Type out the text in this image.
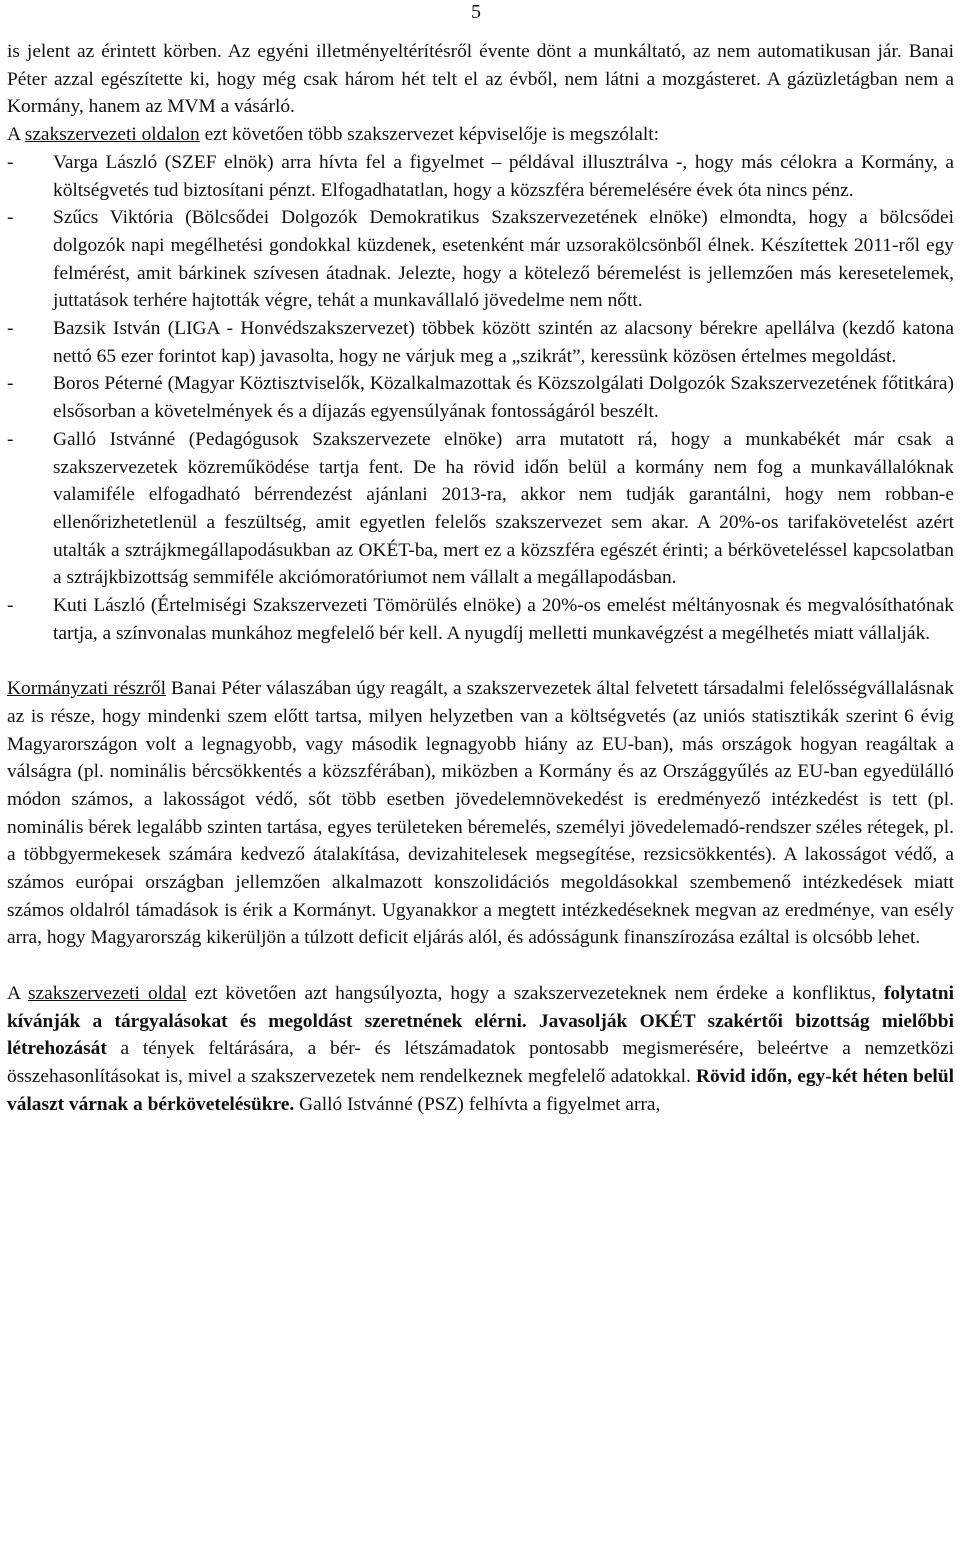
5

is jelent az érintett körben. Az egyéni illetményeltérítésről évente dönt a munkáltató, az nem automatikusan jár. Banai Péter azzal egészítette ki, hogy még csak három hét telt el az évből, nem látni a mozgásteret. A gázüzletágban nem a Kormány, hanem az MVM a vásárló.

A szakszervezeti oldalon ezt követően több szakszervezet képviselője is megszólalt:

- Varga László (SZEF elnök) arra hívta fel a figyelmet – példával illusztrálva -, hogy más célokra a Kormány, a költségvetés tud biztosítani pénzt. Elfogadhatatlan, hogy a közszféra béremelésére évek óta nincs pénz.
- Szűcs Viktória (Bölcsődei Dolgozók Demokratikus Szakszervezetének elnöke) elmondta, hogy a bölcsődei dolgozók napi megélhetési gondokkal küzdenek, esetenként már uzsorakölcsönből élnek. Készítettek 2011-ről egy felmérést, amit bárkinek szívesen átadnak. Jelezte, hogy a kötelező béremelést is jellemzően más keresetelemek, juttatások terhére hajtották végre, tehát a munkavállaló jövedelme nem nőtt.
- Bazsik István (LIGA - Honvédszakszervezet) többek között szintén az alacsony bérekre apellálva (kezdő katona nettó 65 ezer forintot kap) javasolta, hogy ne várjuk meg a „szikrát”, keressünk közösen értelmes megoldást.
- Boros Péterné (Magyar Köztisztviselők, Közalkalmazottak és Közszolgálati Dolgozók Szakszervezetének főtitkára) elsősorban a követelmények és a díjazás egyensúlyának fontosságáról beszélt.
- Galló Istvánné (Pedagógusok Szakszervezete elnöke) arra mutatott rá, hogy a munkabékét már csak a szakszervezetek közreműködése tartja fent. De ha rövid időn belül a kormány nem fog a munkavállalóknak valamiféle elfogadható bérrendezést ajánlani 2013-ra, akkor nem tudják garantálni, hogy nem robban-e ellenőrizhetetlenül a feszültség, amit egyetlen felelős szakszervezet sem akar. A 20%-os tarifakövetelést azért utalták a sztrájkmegállapodásukban az OKÉT-ba, mert ez a közszféra egészét érinti; a bérköveteléssel kapcsolatban a sztrájkbizottság semmiféle akciómoratóriumot nem vállalt a megállapodásban.
- Kuti László (Értelmiségi Szakszervezeti Tömörülés elnöke) a 20%-os emelést méltányosnak és megvalósíthatónak tartja, a színvonalas munkához megfelelő bér kell. A nyugdíj melletti munkavégzést a megélhetés miatt vállalják.

Kormányzati részről Banai Péter válaszában úgy reagált, a szakszervezetek által felvetett társadalmi felelősségvállalásnak az is része, hogy mindenki szem előtt tartsa, milyen helyzetben van a költségvetés (az uniós statisztikák szerint 6 évig Magyarországon volt a legnagyobb, vagy második legnagyobb hiány az EU-ban), más országok hogyan reagáltak a válságra (pl. nominális bércsökkentés a közszférában), miközben a Kormány és az Országgyűlés az EU-ban egyedülálló módon számos, a lakosságot védő, sőt több esetben jövedelemnövekedést is eredményező intézkedést is tett (pl. nominális bérek legalább szinten tartása, egyes területeken béremelés, személyi jövedelemadó-rendszer széles rétegek, pl. a többgyermekesek számára kedvező átalakítása, devizahitelesek megsegítése, rezsicsökkentés). A lakosságot védő, a számos európai országban jellemzően alkalmazott konszolidációs megoldásokkal szembemenő intézkedések miatt számos oldalról támadások is érik a Kormányt. Ugyanakkor a megtett intézkedéseknek megvan az eredménye, van esély arra, hogy Magyarország kikerüljön a túlzott deficit eljárás alól, és adósságunk finanszírozása ezáltal is olcsóbb lehet.

A szakszervezeti oldal ezt követően azt hangsúlyozta, hogy a szakszervezeteknek nem érdeke a konfliktus, folytatni kívánják a tárgyalásokat és megoldást szeretnének elérni. Javasolják OKÉT szakértői bizottság mielőbbi létrehozását a tények feltárására, a bér- és létszámadatok pontosabb megismerésére, beleértve a nemzetközi összehasonlításokat is, mivel a szakszervezetek nem rendelkeznek megfelelő adatokkal. Rövid időn, egy-két héten belül választ várnak a bérkövetelésükre. Galló Istvánné (PSZ) felhívta a figyelmet arra,
